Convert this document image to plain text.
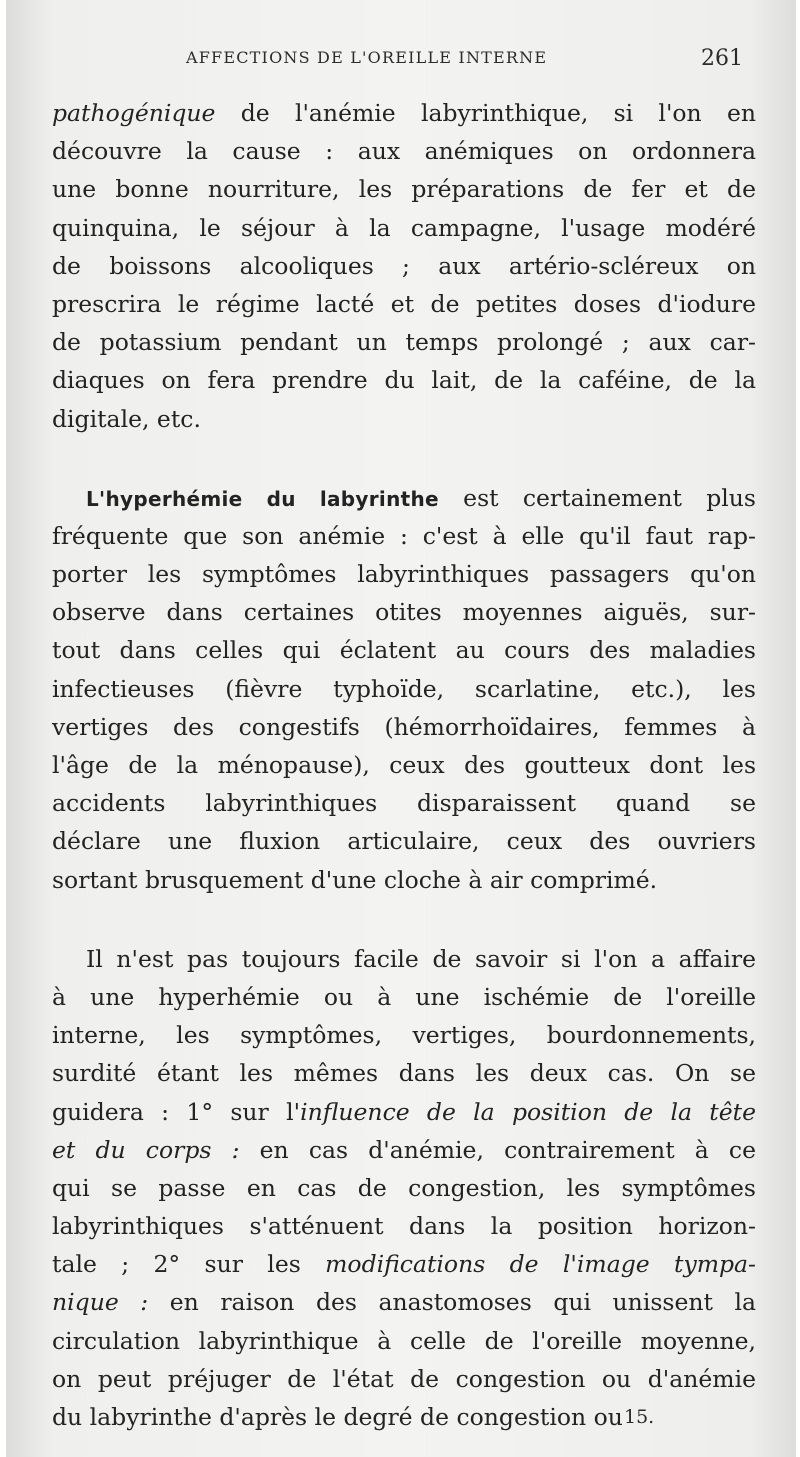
AFFECTIONS DE L'OREILLE INTERNE	261
pathogénique de l'anémie labyrinthique, si l'on en
découvre la cause : aux anémiques on ordonnera
une bonne nourriture, les préparations de fer et de
quinquina, le séjour à la campagne, l'usage modéré
de boissons alcooliques ; aux artério-scléreux on
prescrira le régime lacté et de petites doses d'iodure
de potassium pendant un temps prolongé ; aux car-
diaques on fera prendre du lait, de la caféine, de la
digitale, etc.
L'hyperhémie du labyrinthe est certainement plus
fréquente que son anémie : c'est à elle qu'il faut rap-
porter les symptômes labyrinthiques passagers qu'on
observe dans certaines otites moyennes aiguës, sur-
tout dans celles qui éclatent au cours des maladies
infectieuses (fièvre typhoïde, scarlatine, etc.), les
vertiges des congestifs (hémorrhoïdaires, femmes à
l'âge de la ménopause), ceux des goutteux dont les
accidents labyrinthiques disparaissent quand se
déclare une fluxion articulaire, ceux des ouvriers
sortant brusquement d'une cloche à air comprimé.
Il n'est pas toujours facile de savoir si l'on a affaire
à une hyperhémie ou à une ischémie de l'oreille
interne, les symptômes, vertiges, bourdonnements,
surdité étant les mêmes dans les deux cas. On se
guidera : 1° sur l'influence de la position de la tête
et du corps : en cas d'anémie, contrairement à ce
qui se passe en cas de congestion, les symptômes
labyrinthiques s'atténuent dans la position horizon-
tale ; 2° sur les modifications de l'image tympa-
nique : en raison des anastomoses qui unissent la
circulation labyrinthique à celle de l'oreille moyenne,
on peut préjuger de l'état de congestion ou d'anémie
du labyrinthe d'après le degré de congestion ou 15.
